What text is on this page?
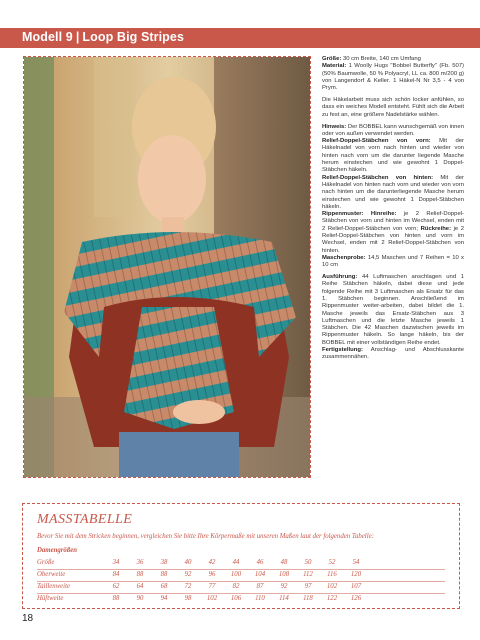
Modell 9 | Loop Big Stripes

Größe: 30 cm Breite, 140 cm Umfang
Material: 1 Woolly Hugs "Bobbel Butterfly" (Fb. 507) (50% Baumwolle, 50 % Polyacryl, LL ca. 800 m/200 g) von Langendorf & Keller. 1 Häkel-N Nr 3,5 - 4 von Prym.

Die Häkelarbeit muss sich schön locker anfühlen, so dass ein weiches Modell entsteht. Fühlt sich die Arbeit zu fest an, eine größere Nadelstärke wählen.

Hinweis: Der BOBBEL kann wunschgemäß von innen oder von außen verwendet werden.
Relief-Doppel-Stäbchen von vorn: Mit der Häkelnadel von vorn nach hinten und wieder von hinten nach vorn um die darunter liegende Masche herum einstechen und wie gewohnt 1 Doppel-Stäbchen häkeln.
Relief-Doppel-Stäbchen von hinten: Mit der Häkelnadel von hinten nach vorn und wieder von vorn nach hinten um die darunterliegende Masche herum einstechen und wie gewohnt 1 Doppel-Stäbchen häkeln.
Rippenmuster: Hinreihe: je 2 Relief-Doppel-Stäbchen von vorn und hinten im Wechsel, enden mit 2 Relief-Doppel-Stäbchen von vorn; Rückreihe: je 2 Relief-Doppel-Stäbchen von hinten und vorn im Wechsel, enden mit 2 Relief-Doppel-Stäbchen von hinten.
Maschenprobe: 14,5 Maschen und 7 Reihen = 10 x 10 cm

Ausführung: 44 Luftmaschen anschlagen und 1 Reihe Stäbchen häkeln, dabei diese und jede folgende Reihe mit 3 Luftmaschen als Ersatz für das 1. Stäbchen beginnen. Anschließend im Rippenmuster weiter-arbeiten, dabei bildet die 1. Masche jeweils das Ersatz-Stäbchen aus 3 Luftmaschen und die letzte Masche jeweils 1 Stäbchen. Die 42 Maschen dazwischen jeweils im Rippenmuster häkeln. So lange häkeln, bis der BOBBEL mit einer vollständigen Reihe endet.
Fertigstellung: Anschlag- und Abschlusskante zusammennähen.

MASSTABELLE
Bevor Sie mit dem Stricken beginnen, vergleichen Sie bitte Ihre Körpermaße mit unseren Maßen laut der folgenden Tabelle:
Damengrößen
Größe	34	36	38	40	42	44	46	48	50	52	54
Oberweite	84	88	88	92	96	100	104	108	112	116	120
Taillenweite	62	64	68	72	77	82	87	92	97	102	107
Hüftweite	88	90	94	98	102	106	110	114	118	122	126
18
